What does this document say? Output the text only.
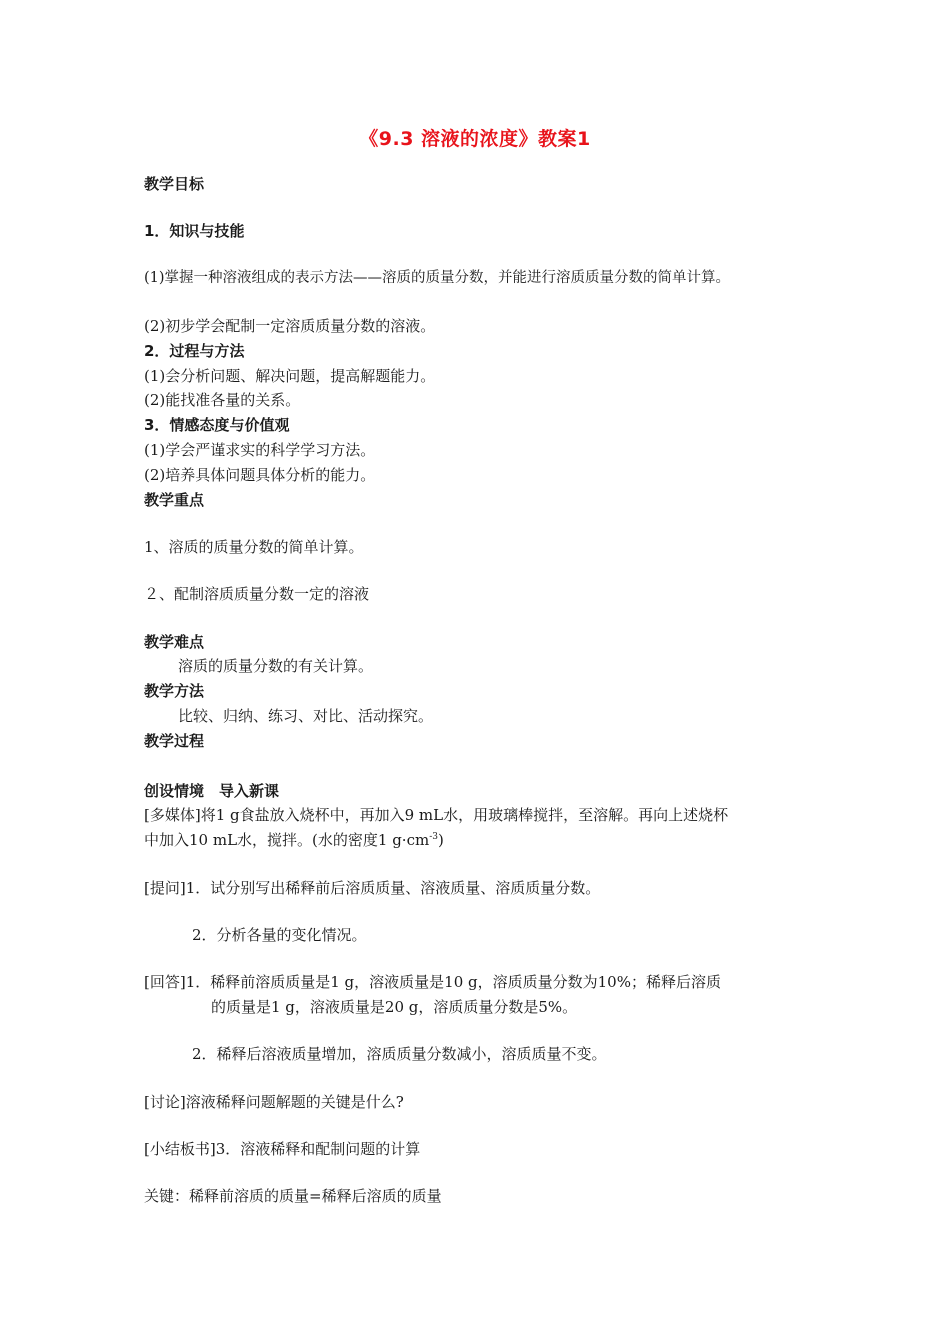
《9.3 溶液的浓度》教案1
教学目标
1．知识与技能
(1)掌握一种溶液组成的表示方法——溶质的质量分数，并能进行溶质质量分数的简单计算。
(2)初步学会配制一定溶质质量分数的溶液。
2．过程与方法
(1)会分析问题、解决问题，提高解题能力。
(2)能找准各量的关系。
3．情感态度与价值观
(1)学会严谨求实的科学学习方法。
(2)培养具体问题具体分析的能力。
教学重点
1、溶质的质量分数的简单计算。
２、配制溶质质量分数一定的溶液
教学难点
溶质的质量分数的有关计算。
教学方法
比较、归纳、练习、对比、活动探究。
教学过程
创设情境　导入新课
[多媒体]将1 g食盐放入烧杯中，再加入9 mL水，用玻璃棒搅拌，至溶解。再向上述烧杯
中加入10 mL水，搅拌。(水的密度1 $g\cdot cm^{-3}$)
[提问]1．试分别写出稀释前后溶质质量、溶液质量、溶质质量分数。
2．分析各量的变化情况。
[回答]1．稀释前溶质质量是1 g，溶液质量是10 g，溶质质量分数为10%；稀释后溶质
的质量是1 g，溶液质量是20 g，溶质质量分数是5%。
2．稀释后溶液质量增加，溶质质量分数减小，溶质质量不变。
[讨论]溶液稀释问题解题的关键是什么?
[小结板书]3．溶液稀释和配制问题的计算
关键：稀释前溶质的质量=稀释后溶质的质量
